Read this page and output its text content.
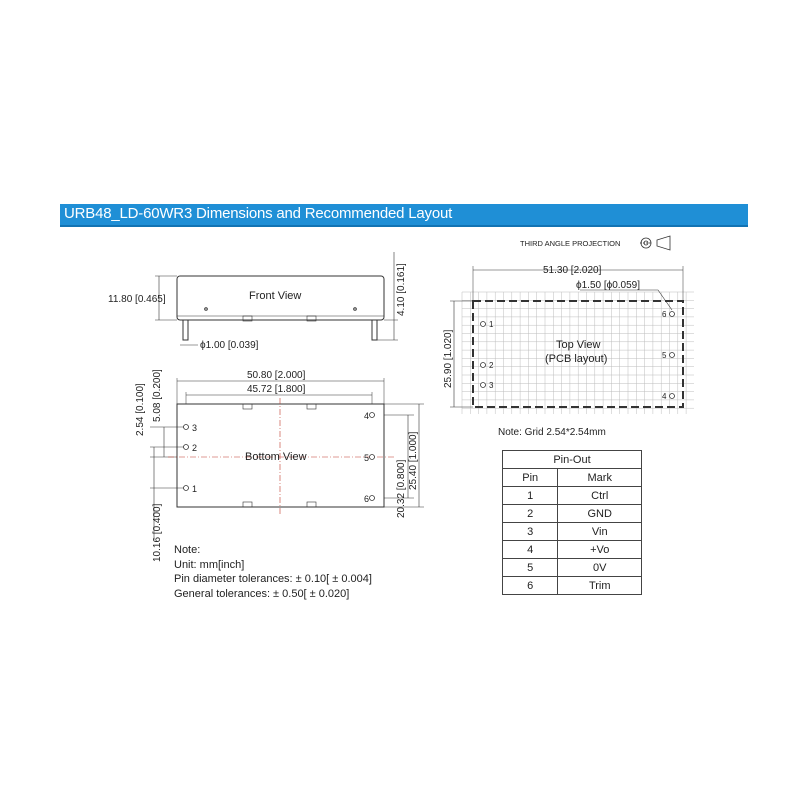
URB48_LD-60WR3 Dimensions and Recommended Layout
THIRD ANGLE PROJECTION
Front View
11.80 [0.465]	4.10 [0.161]
ϕ1.00 [0.039]
3
2
1
4
5
6
Bottom View
50.80 [2.000]
45.72 [1.800]
2.54 [0.100] 5.08 [0.200]
10.16 [0.400]
20.32 [0.800] 25.40 [1.000]
1
2
3
4
5
6
Top View
(PCB layout)
51.30 [2.020]
ϕ1.50 [ϕ0.059]
25.90 [1.020]
Note: Grid 2.54*2.54mm
Note:
Unit: mm[inch]
Pin diameter tolerances: ± 0.10[ ± 0.004]
General tolerances: ± 0.50[ ± 0.020]
Pin-Out	
Pin	Mark
1	Ctrl
2	GND
3	Vin
4	+Vo
5	0V
6	Trim
